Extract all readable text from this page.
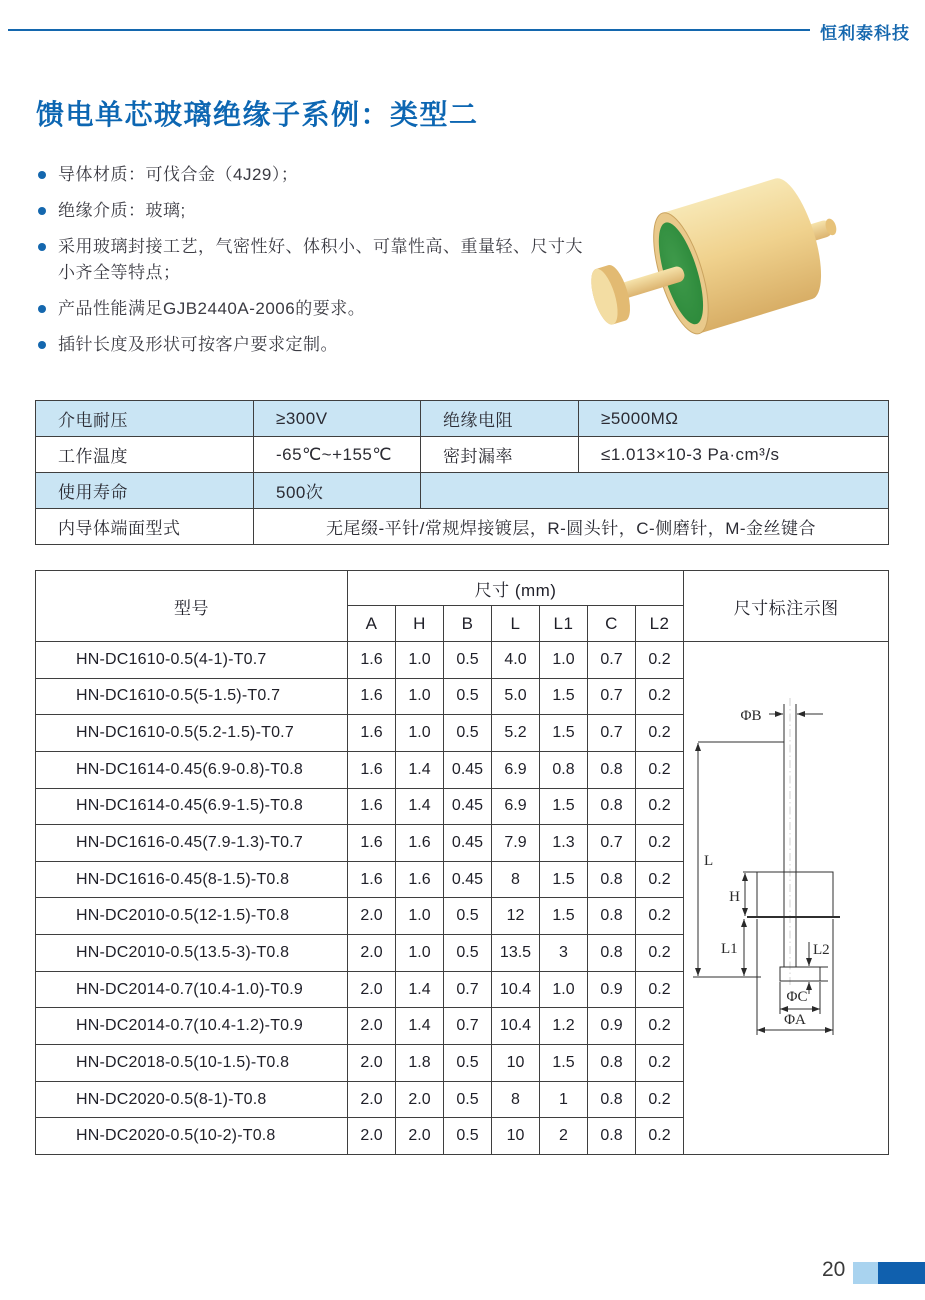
恒利泰科技
馈电单芯玻璃绝缘子系例：类型二
导体材质：可伐合金（4J29）；
绝缘介质：玻璃;
采用玻璃封接工艺，气密性好、体积小、可靠性高、重量轻、尺寸大小齐全等特点；
产品性能满足GJB2440A-2006的要求。
插针长度及形状可按客户要求定制。
介电耐压	≥300V	绝缘电阻	≥5000MΩ
工作温度	-65℃~+155℃	密封漏率	≤1.013×10-3 Pa·cm³/s
使用寿命	500次		
内导体端面型式	无尾缀-平针/常规焊接镀层，R-圆头针，C-侧磨针，M-金丝键合		
型号	尺寸 (mm)							尺寸标注示图
	A	H	B	L	L1	C	L2	
HN-DC1610-0.5(4-1)-T0.7	1.6	1.0	0.5	4.0	1.0	0.7	0.2	
ΦB
L
H
L1	L2
ΦC
ΦA

HN-DC1610-0.5(5-1.5)-T0.7	1.6	1.0	0.5	5.0	1.5	0.7	0.2	
HN-DC1610-0.5(5.2-1.5)-T0.7	1.6	1.0	0.5	5.2	1.5	0.7	0.2	
HN-DC1614-0.45(6.9-0.8)-T0.8	1.6	1.4	0.45	6.9	0.8	0.8	0.2	
HN-DC1614-0.45(6.9-1.5)-T0.8	1.6	1.4	0.45	6.9	1.5	0.8	0.2	
HN-DC1616-0.45(7.9-1.3)-T0.7	1.6	1.6	0.45	7.9	1.3	0.7	0.2	
HN-DC1616-0.45(8-1.5)-T0.8	1.6	1.6	0.45	8	1.5	0.8	0.2	
HN-DC2010-0.5(12-1.5)-T0.8	2.0	1.0	0.5	12	1.5	0.8	0.2	
HN-DC2010-0.5(13.5-3)-T0.8	2.0	1.0	0.5	13.5	3	0.8	0.2	
HN-DC2014-0.7(10.4-1.0)-T0.9	2.0	1.4	0.7	10.4	1.0	0.9	0.2	
HN-DC2014-0.7(10.4-1.2)-T0.9	2.0	1.4	0.7	10.4	1.2	0.9	0.2	
HN-DC2018-0.5(10-1.5)-T0.8	2.0	1.8	0.5	10	1.5	0.8	0.2	
HN-DC2020-0.5(8-1)-T0.8	2.0	2.0	0.5	8	1	0.8	0.2	
HN-DC2020-0.5(10-2)-T0.8	2.0	2.0	0.5	10	2	0.8	0.2	
20
